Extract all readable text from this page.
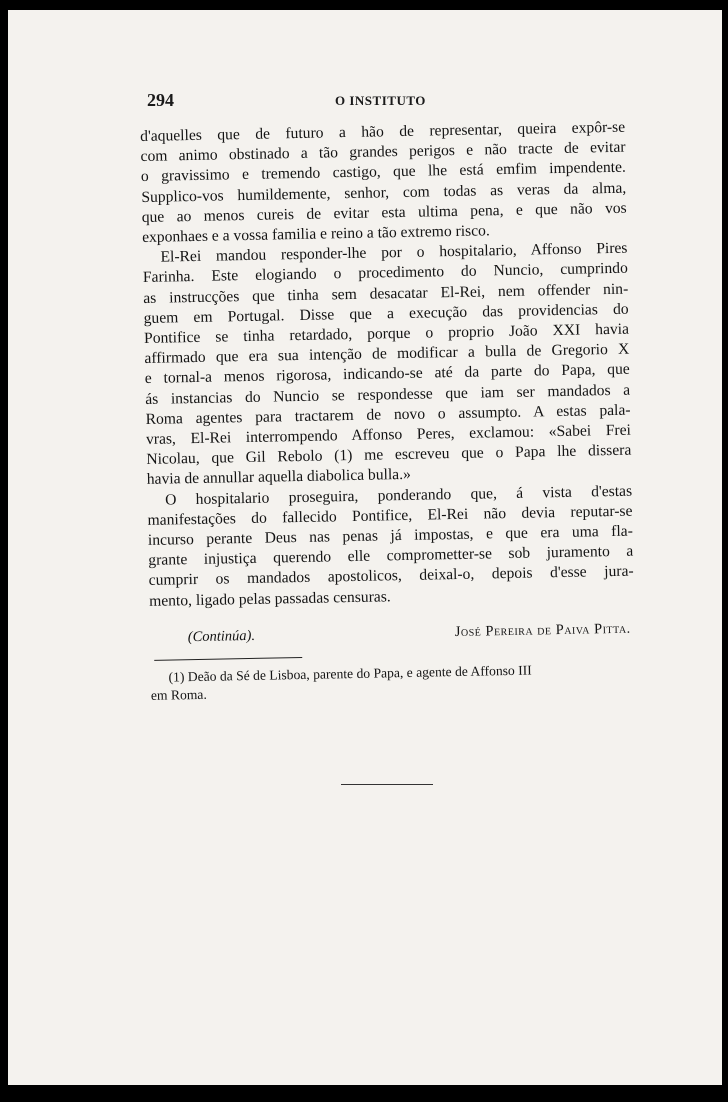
294	O INSTITUTO
d'aquelles que de futuro a hão de representar, queira expôr-se
com animo obstinado a tão grandes perigos e não tracte de evitar
o gravissimo e tremendo castigo, que lhe está emfim impendente.
Supplico-vos humildemente, senhor, com todas as veras da alma,
que ao menos cureis de evitar esta ultima pena, e que não vos
exponhaes e a vossa familia e reino a tão extremo risco.
El-Rei mandou responder-lhe por o hospitalario, Affonso Pires
Farinha. Este elogiando o procedimento do Nuncio, cumprindo
as instrucções que tinha sem desacatar El-Rei, nem offender nin-
guem em Portugal. Disse que a execução das providencias do
Pontifice se tinha retardado, porque o proprio João XXI havia
affirmado que era sua intenção de modificar a bulla de Gregorio X
e tornal-a menos rigorosa, indicando-se até da parte do Papa, que
ás instancias do Nuncio se respondesse que iam ser mandados a
Roma agentes para tractarem de novo o assumpto. A estas pala-
vras, El-Rei interrompendo Affonso Peres, exclamou: «Sabei Frei
Nicolau, que Gil Rebolo (1) me escreveu que o Papa lhe dissera
havia de annullar aquella diabolica bulla.»
O hospitalario proseguira, ponderando que, á vista d'estas
manifestações do fallecido Pontifice, El-Rei não devia reputar-se
incurso perante Deus nas penas já impostas, e que era uma fla-
grante injustiça querendo elle comprometter-se sob juramento a
cumprir os mandados apostolicos, deixal-o, depois d'esse jura-
mento, ligado pelas passadas censuras.
(Continúa).	José Pereira de Paiva Pitta.
(1) Deão da Sé de Lisboa, parente do Papa, e agente de Affonso III
em Roma.
